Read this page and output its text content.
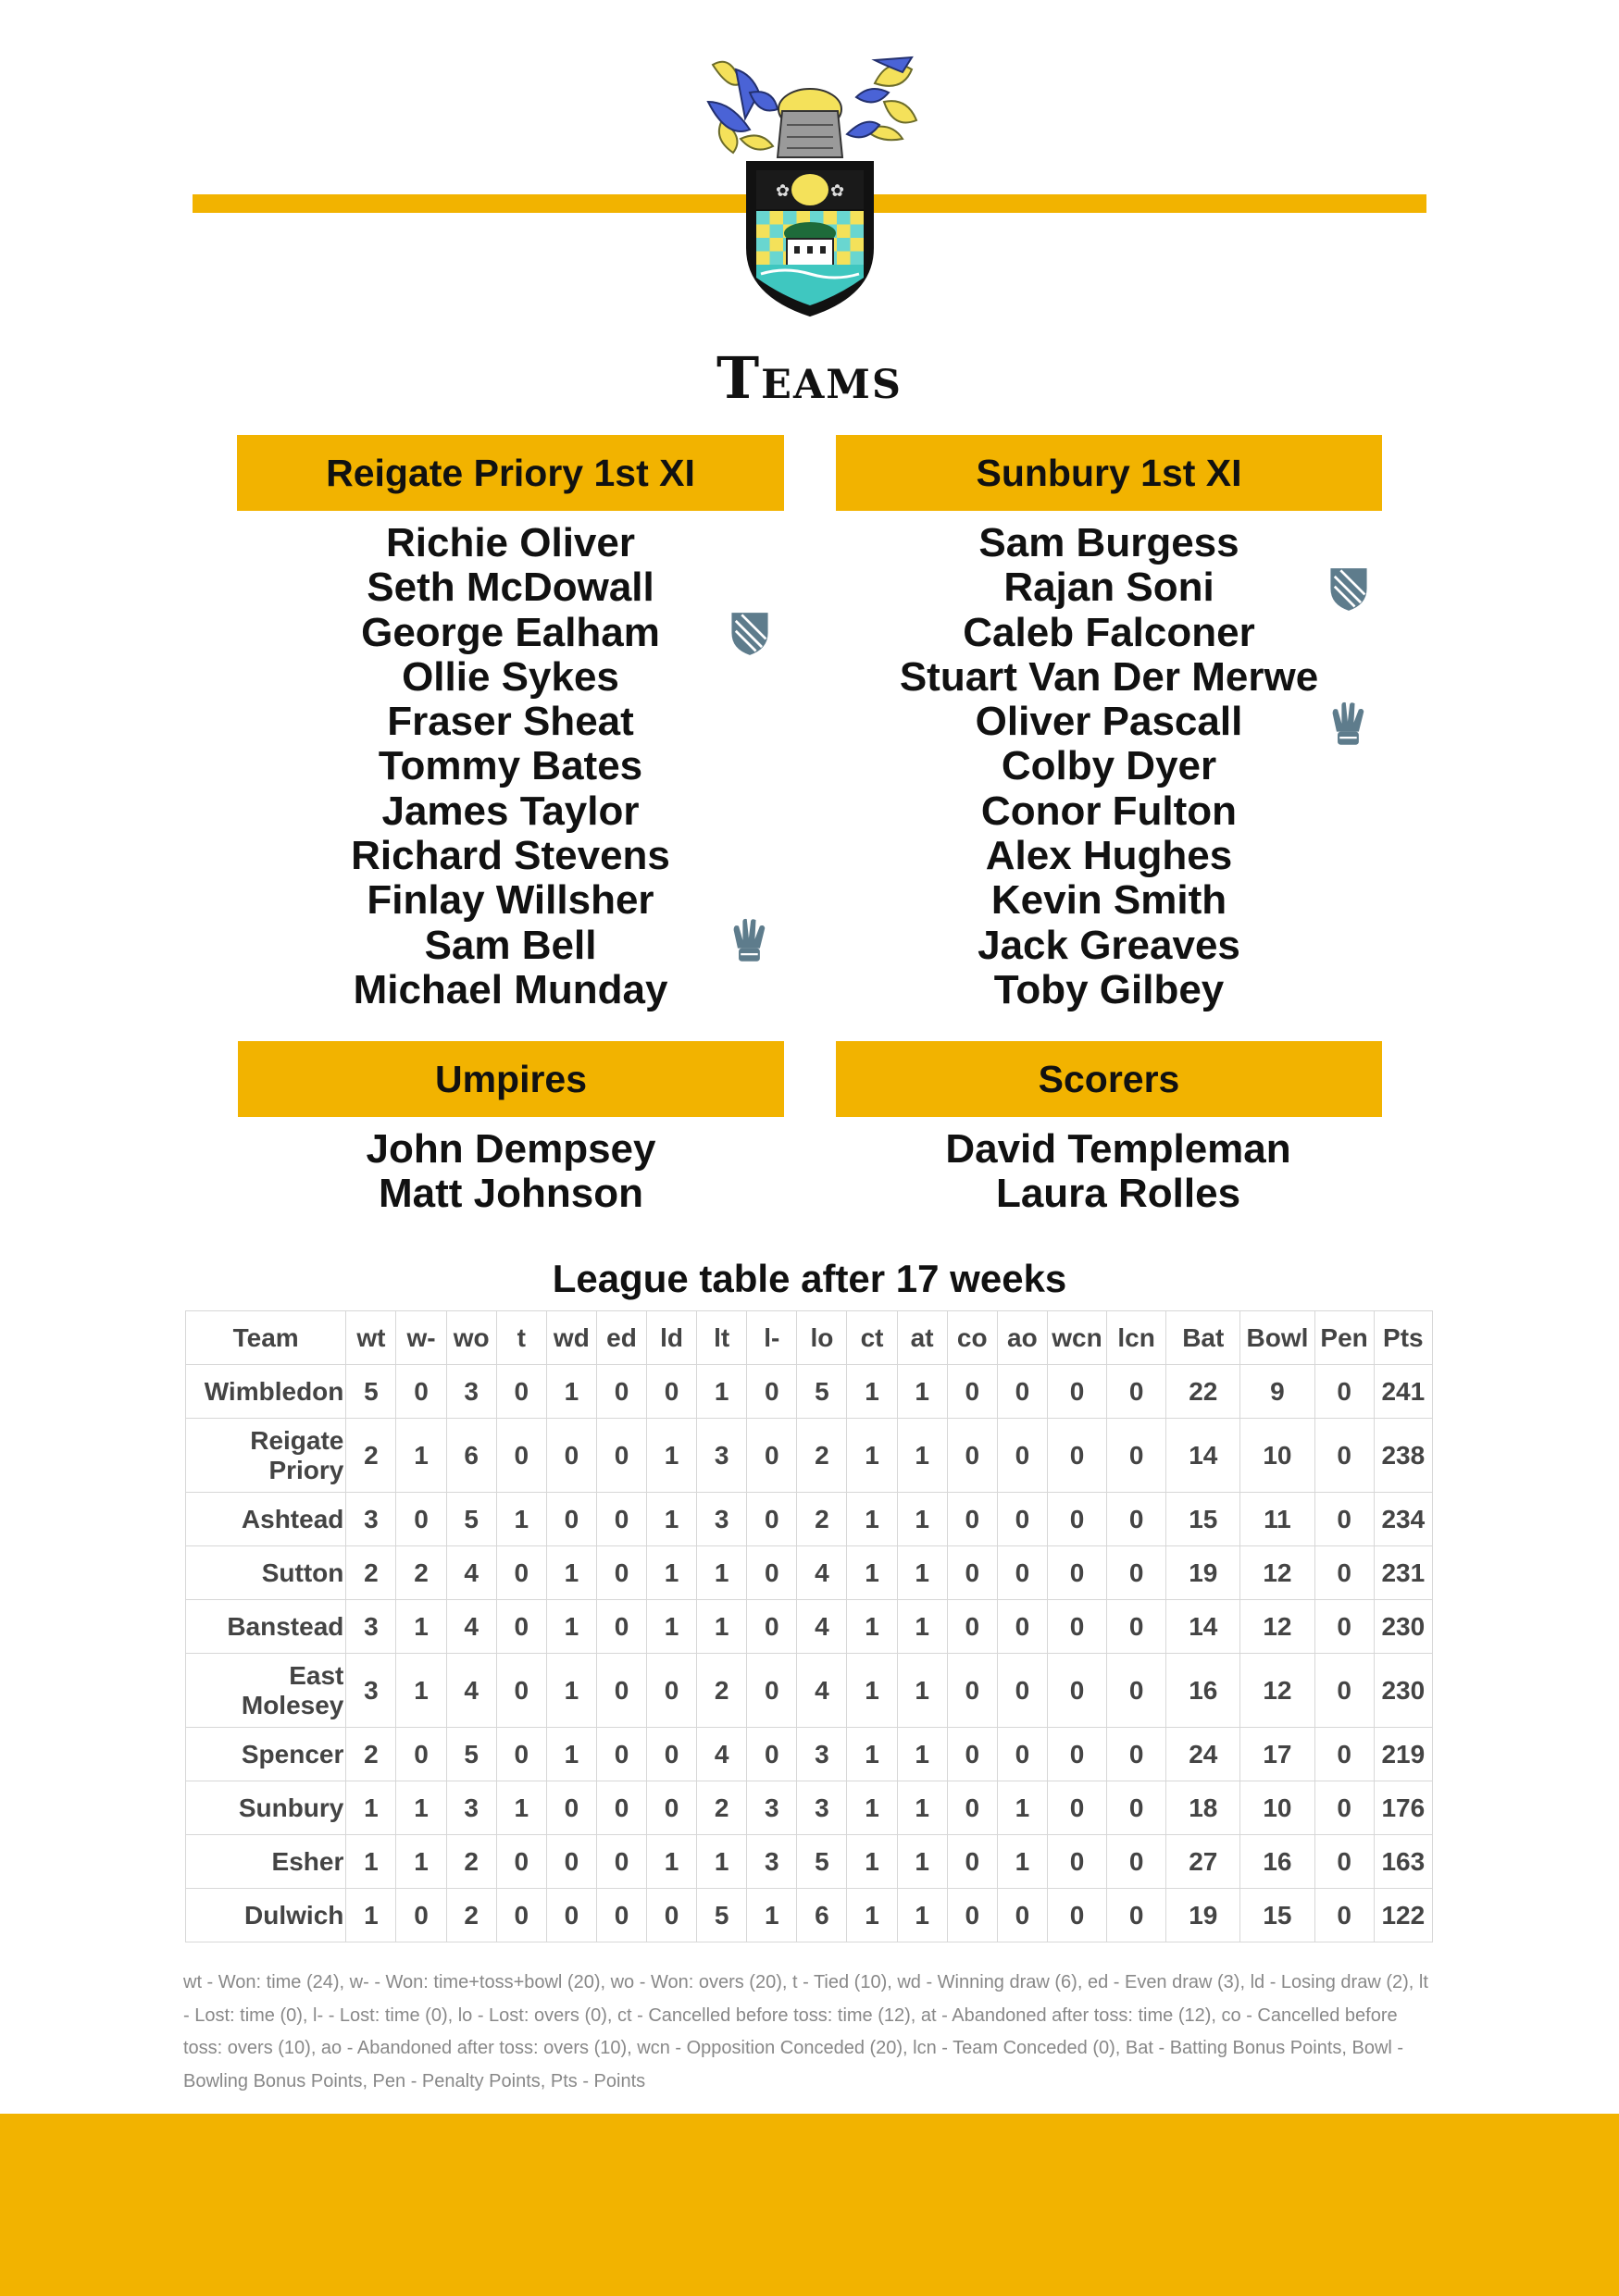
✿ ✿
Teams
Reigate Priory 1st XI	Sunbury 1st XI
Richie Oliver
Seth McDowall
George Ealham
Ollie Sykes
Fraser Sheat
Tommy Bates
James Taylor
Richard Stevens
Finlay Willsher
Sam Bell
Michael Munday
Sam Burgess
Rajan Soni
Caleb Falconer
Stuart Van Der Merwe
Oliver Pascall
Colby Dyer
Conor Fulton
Alex Hughes
Kevin Smith
Jack Greaves
Toby Gilbey
Umpires	Scorers
John Dempsey
Matt Johnson
David Templeman
Laura Rolles
League table after 17 weeks
Team	wt	w-	wo	t	wd	ed	ld	lt	l-	lo	ct	at	co	ao	wcn	lcn	Bat	Bowl	Pen	Pts
Wimbledon	5	0	3	0	1	0	0	1	0	5	1	1	0	0	0	0	22	9	0	241
Reigate Priory	2	1	6	0	0	0	1	3	0	2	1	1	0	0	0	0	14	10	0	238
Ashtead	3	0	5	1	0	0	1	3	0	2	1	1	0	0	0	0	15	11	0	234
Sutton	2	2	4	0	1	0	1	1	0	4	1	1	0	0	0	0	19	12	0	231
Banstead	3	1	4	0	1	0	1	1	0	4	1	1	0	0	0	0	14	12	0	230
East Molesey	3	1	4	0	1	0	0	2	0	4	1	1	0	0	0	0	16	12	0	230
Spencer	2	0	5	0	1	0	0	4	0	3	1	1	0	0	0	0	24	17	0	219
Sunbury	1	1	3	1	0	0	0	2	3	3	1	1	0	1	0	0	18	10	0	176
Esher	1	1	2	0	0	0	1	1	3	5	1	1	0	1	0	0	27	16	0	163
Dulwich	1	0	2	0	0	0	0	5	1	6	1	1	0	0	0	0	19	15	0	122
wt - Won: time (24), w- - Won: time+toss+bowl (20), wo - Won: overs (20), t - Tied (10), wd - Winning draw (6), ed - Even draw (3), ld - Losing draw (2), lt - Lost: time (0), l- - Lost: time (0), lo - Lost: overs (0), ct - Cancelled before toss: time (12), at - Abandoned after toss: time (12), co - Cancelled before toss: overs (10), ao - Abandoned after toss: overs (10), wcn - Opposition Conceded (20), lcn - Team Conceded (0), Bat - Batting Bonus Points, Bowl - Bowling Bonus Points, Pen - Penalty Points, Pts - Points
